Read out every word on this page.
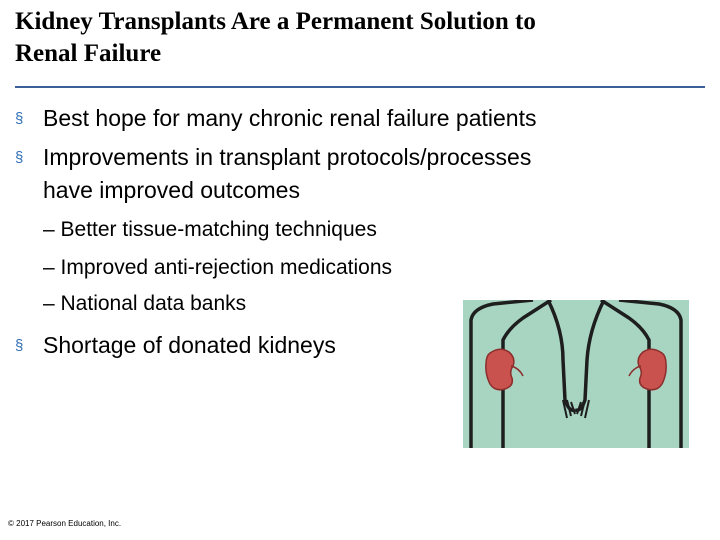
Kidney Transplants Are a Permanent Solution to
Renal Failure
§ Best hope for many chronic renal failure patients
§ Improvements in transplant protocols/processes
have improved outcomes
– Better tissue-matching techniques
– Improved anti-rejection medications
– National data banks
§ Shortage of donated kidneys
© 2017 Pearson Education, Inc.
